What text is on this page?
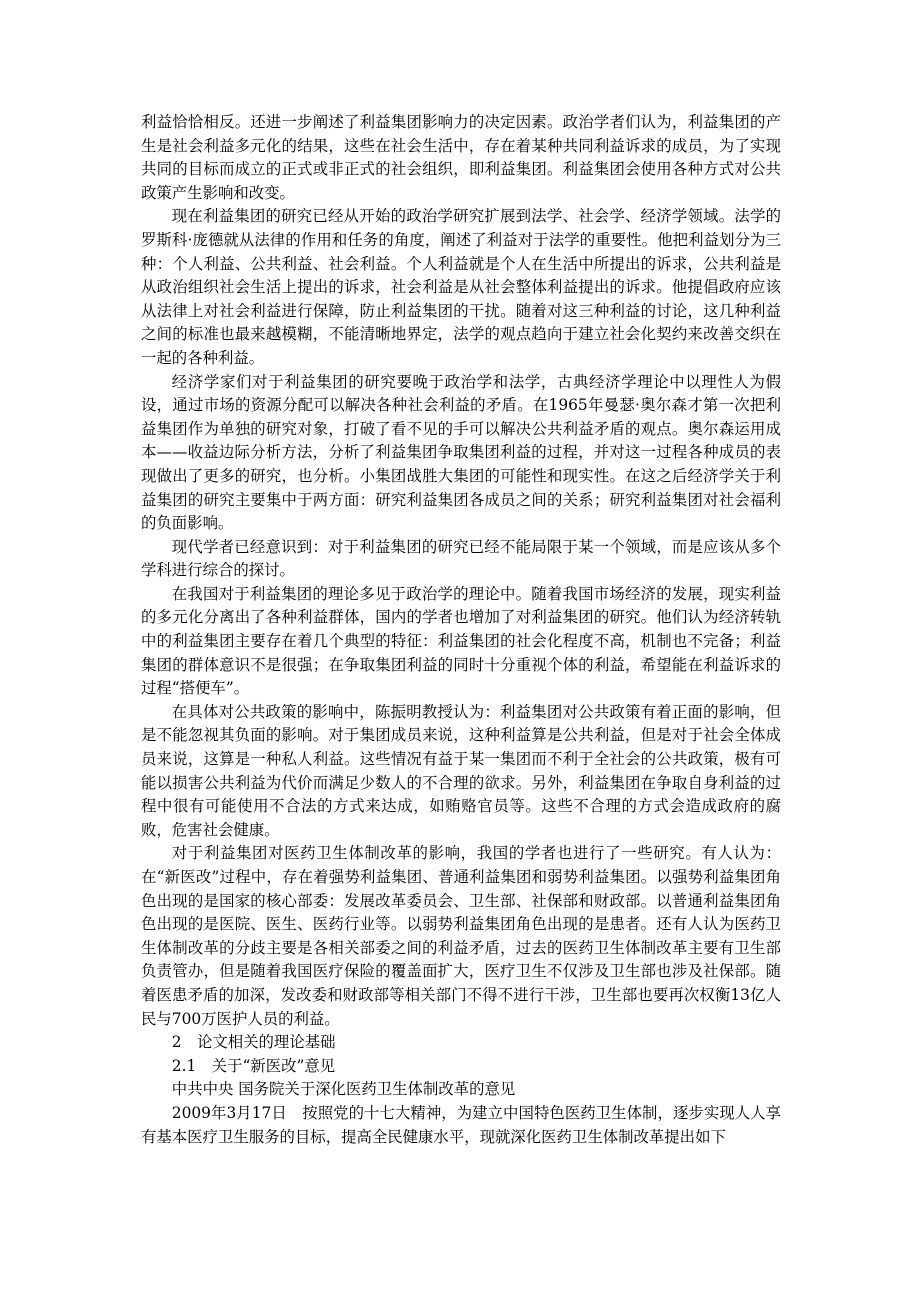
利益恰恰相反。还进一步阐述了利益集团影响力的决定因素。政治学者们认为，利益集团的产生是社会利益多元化的结果，这些在社会生活中，存在着某种共同利益诉求的成员，为了实现共同的目标而成立的正式或非正式的社会组织，即利益集团。利益集团会使用各种方式对公共政策产生影响和改变。

现在利益集团的研究已经从开始的政治学研究扩展到法学、社会学、经济学领域。法学的罗斯科·庞德就从法律的作用和任务的角度，阐述了利益对于法学的重要性。他把利益划分为三种：个人利益、公共利益、社会利益。个人利益就是个人在生活中所提出的诉求，公共利益是从政治组织社会生活上提出的诉求，社会利益是从社会整体利益提出的诉求。他提倡政府应该从法律上对社会利益进行保障，防止利益集团的干扰。随着对这三种利益的讨论，这几种利益之间的标准也最来越模糊，不能清晰地界定，法学的观点趋向于建立社会化契约来改善交织在一起的各种利益。

经济学家们对于利益集团的研究要晚于政治学和法学，古典经济学理论中以理性人为假设，通过市场的资源分配可以解决各种社会利益的矛盾。在1965年曼瑟·奥尔森才第一次把利益集团作为单独的研究对象，打破了看不见的手可以解决公共利益矛盾的观点。奥尔森运用成本——收益边际分析方法，分析了利益集团争取集团利益的过程，并对这一过程各种成员的表现做出了更多的研究，也分析。小集团战胜大集团的可能性和现实性。在这之后经济学关于利益集团的研究主要集中于两方面：研究利益集团各成员之间的关系；研究利益集团对社会福利的负面影响。

现代学者已经意识到：对于利益集团的研究已经不能局限于某一个领域，而是应该从多个学科进行综合的探讨。

在我国对于利益集团的理论多见于政治学的理论中。随着我国市场经济的发展，现实利益的多元化分离出了各种利益群体，国内的学者也增加了对利益集团的研究。他们认为经济转轨中的利益集团主要存在着几个典型的特征：利益集团的社会化程度不高，机制也不完备；利益集团的群体意识不是很强；在争取集团利益的同时十分重视个体的利益，希望能在利益诉求的过程“搭便车”。

在具体对公共政策的影响中，陈振明教授认为：利益集团对公共政策有着正面的影响，但是不能忽视其负面的影响。对于集团成员来说，这种利益算是公共利益，但是对于社会全体成员来说，这算是一种私人利益。这些情况有益于某一集团而不利于全社会的公共政策，极有可能以损害公共利益为代价而满足少数人的不合理的欲求。另外，利益集团在争取自身利益的过程中很有可能使用不合法的方式来达成，如贿赂官员等。这些不合理的方式会造成政府的腐败，危害社会健康。

对于利益集团对医药卫生体制改革的影响，我国的学者也进行了一些研究。有人认为：在“新医改”过程中，存在着强势利益集团、普通利益集团和弱势利益集团。以强势利益集团角色出现的是国家的核心部委：发展改革委员会、卫生部、社保部和财政部。以普通利益集团角色出现的是医院、医生、医药行业等。以弱势利益集团角色出现的是患者。还有人认为医药卫生体制改革的分歧主要是各相关部委之间的利益矛盾，过去的医药卫生体制改革主要有卫生部负责管办，但是随着我国医疗保险的覆盖面扩大，医疗卫生不仅涉及卫生部也涉及社保部。随着医患矛盾的加深，发改委和财政部等相关部门不得不进行干涉，卫生部也要再次权衡13亿人民与700万医护人员的利益。

2　论文相关的理论基础

2.1　关于“新医改”意见

中共中央 国务院关于深化医药卫生体制改革的意见

2009年3月17日　按照党的十七大精神，为建立中国特色医药卫生体制，逐步实现人人享有基本医疗卫生服务的目标，提高全民健康水平，现就深化医药卫生体制改革提出如下
